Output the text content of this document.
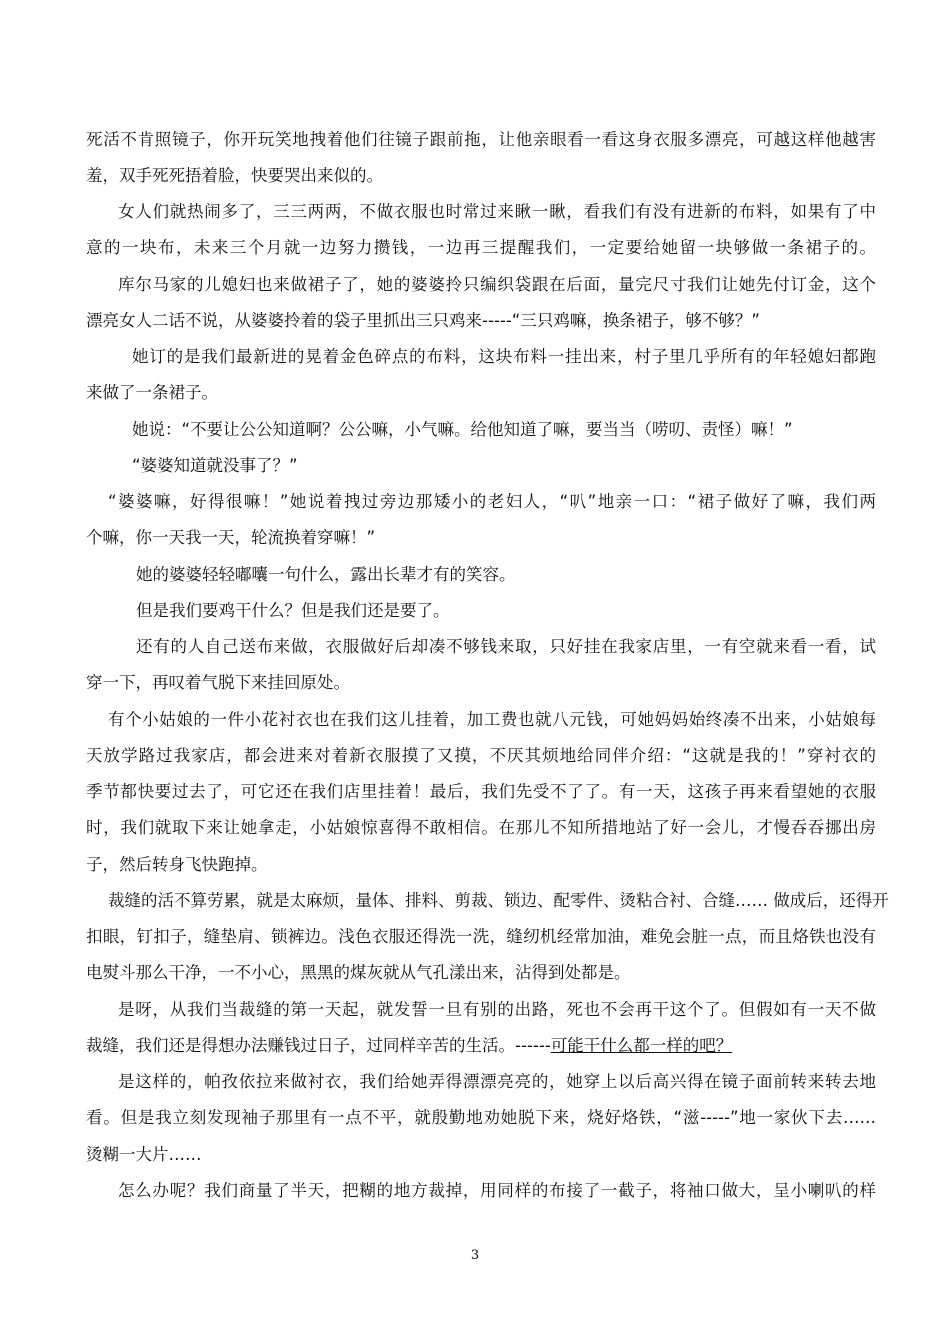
死活不肯照镜子，你开玩笑地拽着他们往镜子跟前拖，让他亲眼看一看这身衣服多漂亮，可越这样他越害
羞，双手死死捂着脸，快要哭出来似的。
女人们就热闹多了，三三两两，不做衣服也时常过来瞅一瞅，看我们有没有进新的布料，如果有了中
意的一块布，未来三个月就一边努力攒钱，一边再三提醒我们，一定要给她留一块够做一条裙子的。
库尔马家的儿媳妇也来做裙子了，她的婆婆拎只编织袋跟在后面，量完尺寸我们让她先付订金，这个
漂亮女人二话不说，从婆婆拎着的袋子里抓出三只鸡来-----“三只鸡嘛，换条裙子，够不够？”
她订的是我们最新进的晃着金色碎点的布料，这块布料一挂出来，村子里几乎所有的年轻媳妇都跑
来做了一条裙子。
她说：“不要让公公知道啊？公公嘛，小气嘛。给他知道了嘛，要当当（唠叨、责怪）嘛！”
“婆婆知道就没事了？”
“婆婆嘛，好得很嘛！”她说着拽过旁边那矮小的老妇人，“叭”地亲一口：“裙子做好了嘛，我们两
个嘛，你一天我一天，轮流换着穿嘛！”
她的婆婆轻轻嘟囔一句什么，露出长辈才有的笑容。
但是我们要鸡干什么？但是我们还是要了。
还有的人自己送布来做，衣服做好后却凑不够钱来取，只好挂在我家店里，一有空就来看一看，试
穿一下，再叹着气脱下来挂回原处。
有个小姑娘的一件小花衬衣也在我们这儿挂着，加工费也就八元钱，可她妈妈始终凑不出来，小姑娘每
天放学路过我家店，都会进来对着新衣服摸了又摸，不厌其烦地给同伴介绍：“这就是我的！”穿衬衣的
季节都快要过去了，可它还在我们店里挂着！最后，我们先受不了了。有一天，这孩子再来看望她的衣服
时，我们就取下来让她拿走，小姑娘惊喜得不敢相信。在那儿不知所措地站了好一会儿，才慢吞吞挪出房
子，然后转身飞快跑掉。
裁缝的活不算劳累，就是太麻烦，量体、排料、剪裁、锁边、配零件、烫粘合衬、合缝…… 做成后，还得开
扣眼，钉扣子，缝垫肩、锁裤边。浅色衣服还得洗一洗，缝纫机经常加油，难免会脏一点，而且烙铁也没有
电熨斗那么干净，一不小心，黑黑的煤灰就从气孔漾出来，沾得到处都是。
是呀，从我们当裁缝的第一天起，就发誓一旦有别的出路，死也不会再干这个了。但假如有一天不做
裁缝，我们还是得想办法赚钱过日子，过同样辛苦的生活。------可能干什么都一样的吧？
是这样的，帕孜依拉来做衬衣，我们给她弄得漂漂亮亮的，她穿上以后高兴得在镜子面前转来转去地
看。但是我立刻发现袖子那里有一点不平，就殷勤地劝她脱下来，烧好烙铁，“滋-----”地一家伙下去……
烫糊一大片……
怎么办呢？我们商量了半天，把糊的地方裁掉，用同样的布接了一截子，将袖口做大，呈小喇叭的样
3
